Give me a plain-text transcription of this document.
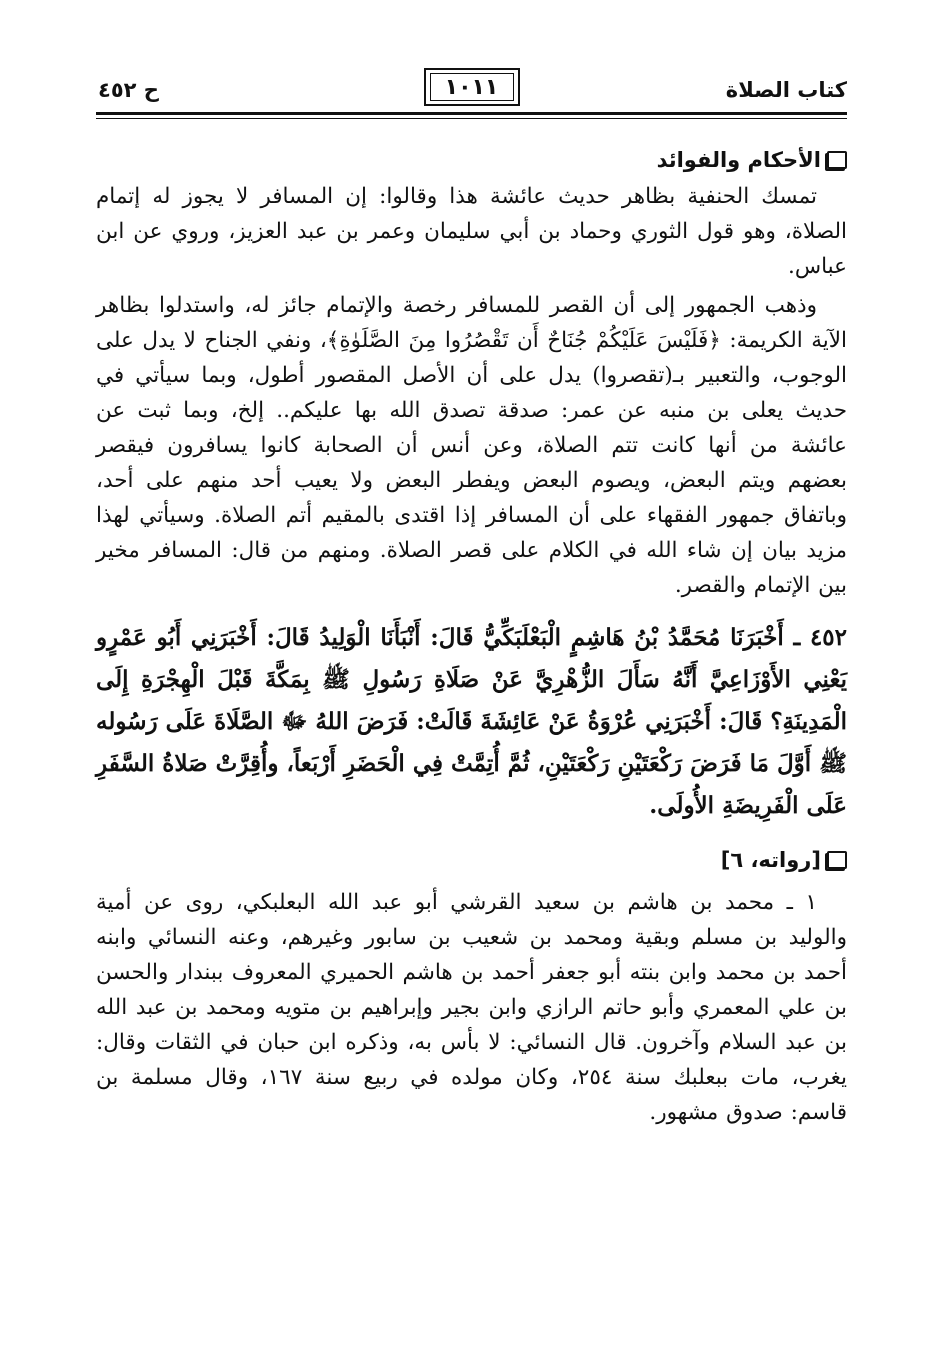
كتاب الصلاة
١٠١١
ح ٤٥٢
الأحكام والفوائد

تمسك الحنفية بظاهر حديث عائشة هذا وقالوا: إن المسافر لا يجوز له إتمام الصلاة، وهو قول الثوري وحماد بن أبي سليمان وعمر بن عبد العزيز، وروي عن ابن عباس.

وذهب الجمهور إلى أن القصر للمسافر رخصة والإتمام جائز له، واستدلوا بظاهر الآية الكريمة: ﴿فَلَيْسَ عَلَيْكُمْ جُنَاحٌ أَن تَقْصُرُوا مِنَ الصَّلَوٰةِ﴾، ونفي الجناح لا يدل على الوجوب، والتعبير بـ(تقصروا) يدل على أن الأصل المقصور أطول، وبما سيأتي في حديث يعلى بن منبه عن عمر: صدقة تصدق الله بها عليكم.. إلخ، وبما ثبت عن عائشة من أنها كانت تتم الصلاة، وعن أنس أن الصحابة كانوا يسافرون فيقصر بعضهم ويتم البعض، ويصوم البعض ويفطر البعض ولا يعيب أحد منهم على أحد، وباتفاق جمهور الفقهاء على أن المسافر إذا اقتدى بالمقيم أتم الصلاة. وسيأتي لهذا مزيد بيان إن شاء الله في الكلام على قصر الصلاة. ومنهم من قال: المسافر مخير بين الإتمام والقصر.

٤٥٢ ـ أَخْبَرَنَا مُحَمَّدُ بْنُ هَاشِمٍ الْبَعْلَبَكِّيُّ قَالَ: أَنْبَأَنَا الْوَلِيدُ قَالَ: أَخْبَرَنِي أَبُو عَمْرٍو يَعْنِي الأَوْزَاعِيَّ أَنَّهُ سَأَلَ الزُّهْرِيَّ عَنْ صَلَاةِ رَسُولِ ﷺ بِمَكَّةَ قَبْلَ الْهِجْرَةِ إِلَى الْمَدِينَةِ؟ قَالَ: أَخْبَرَنِي عُرْوَةُ عَنْ عَائِشَةَ قَالَتْ: فَرَضَ اللهُ ﷻ الصَّلَاةَ عَلَى رَسُوله ﷺ أَوَّلَ مَا فَرَضَ رَكْعَتَيْنِ رَكْعَتَيْنِ، ثُمَّ أُتِمَّتْ فِي الْحَضَرِ أَرْبَعاً، وأُقِرَّتْ صَلاةُ السَّفَرِ عَلَى الْفَرِيضَةِ الأُولَى.

[رواته، ٦]

١ ـ محمد بن هاشم بن سعيد القرشي أبو عبد الله البعلبكي، روى عن أمية والوليد بن مسلم وبقية ومحمد بن شعيب بن سابور وغيرهم، وعنه النسائي وابنه أحمد بن محمد وابن بنته أبو جعفر أحمد بن هاشم الحميري المعروف ببندار والحسن بن علي المعمري وأبو حاتم الرازي وابن بجير وإبراهيم بن متويه ومحمد بن عبد الله بن عبد السلام وآخرون. قال النسائي: لا بأس به، وذكره ابن حبان في الثقات وقال: يغرب، مات ببعلبك سنة ٢٥٤، وكان مولده في ربيع سنة ١٦٧، وقال مسلمة بن قاسم: صدوق مشهور.
